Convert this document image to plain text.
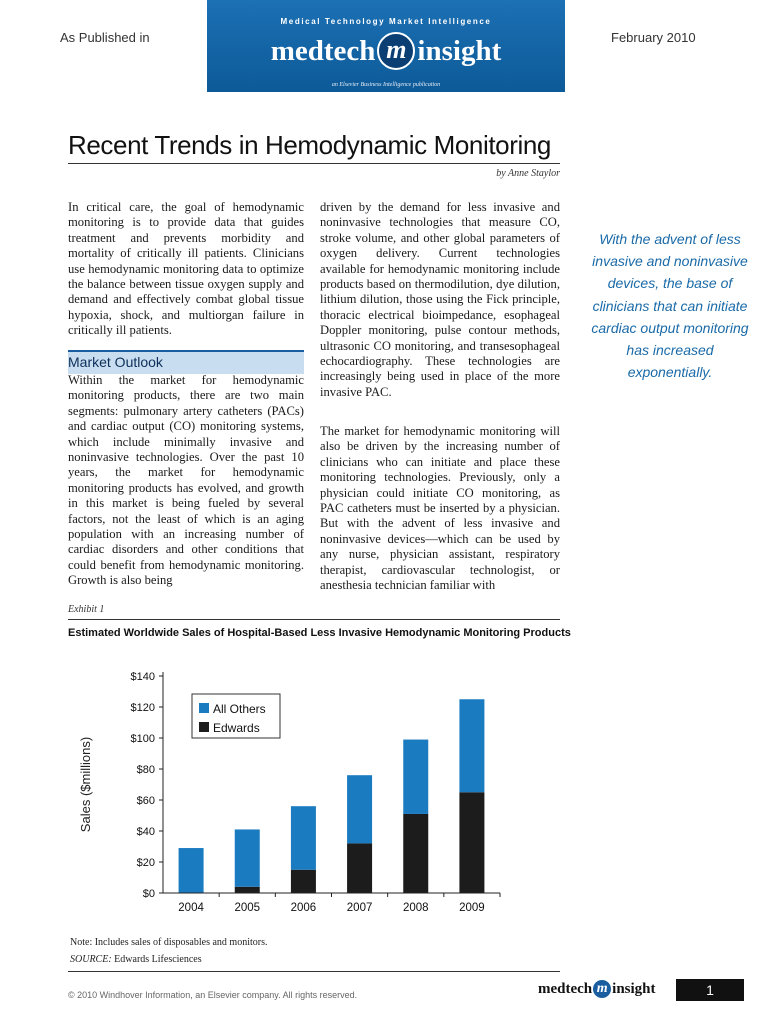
As Published in	February 2010
Medical Technology Market Intelligence
medtech m insight
an Elsevier Business Intelligence publication
Recent Trends in Hemodynamic Monitoring
by Anne Staylor

In critical care, the goal of hemodynamic monitoring is to provide data that guides treatment and prevents morbidity and mortality of critically ill patients. Clinicians use hemodynamic monitoring data to optimize the balance between tissue oxygen supply and demand and effectively combat global tissue hypoxia, shock, and multiorgan failure in critically ill patients.

Market Outlook

Within the market for hemodynamic monitoring products, there are two main segments: pulmonary artery catheters (PACs) and cardiac output (CO) monitoring systems, which include minimally invasive and noninvasive technologies. Over the past 10 years, the market for hemodynamic monitoring products has evolved, and growth in this market is being fueled by several factors, not the least of which is an aging population with an increasing number of cardiac disorders and other conditions that could benefit from hemodynamic monitoring. Growth is also being

driven by the demand for less invasive and noninvasive technologies that measure CO, stroke volume, and other global parameters of oxygen delivery. Current technologies available for hemodynamic monitoring include products based on thermodilution, dye dilution, lithium dilution, those using the Fick principle, thoracic electrical bioimpedance, esophageal Doppler monitoring, pulse contour methods, ultrasonic CO monitoring, and transesophageal echocardiography. These technologies are increasingly being used in place of the more invasive PAC.

The market for hemodynamic monitoring will also be driven by the increasing number of clinicians who can initiate and place these monitoring technologies. Previously, only a physician could initiate CO monitoring, as PAC catheters must be inserted by a physician. But with the advent of less invasive and noninvasive devices—which can be used by any nurse, physician assistant, respiratory therapist, cardiovascular technologist, or anesthesia technician familiar with

With the advent of less invasive and noninvasive devices, the base of clinicians that can initiate cardiac output monitoring has increased exponentially.
Exhibit 1
Estimated Worldwide Sales of Hospital-Based Less Invasive Hemodynamic Monitoring Products
$0
$20
$40
$60
$80
$100
$120
$140
2004	2005	2006	2007	2008	2009
All Others
Edwards
Sales ($millions)
Note: Includes sales of disposables and monitors.
SOURCE: Edwards Lifesciences
© 2010 Windhover Information, an Elsevier company. All rights reserved.	medtech m insight	1
